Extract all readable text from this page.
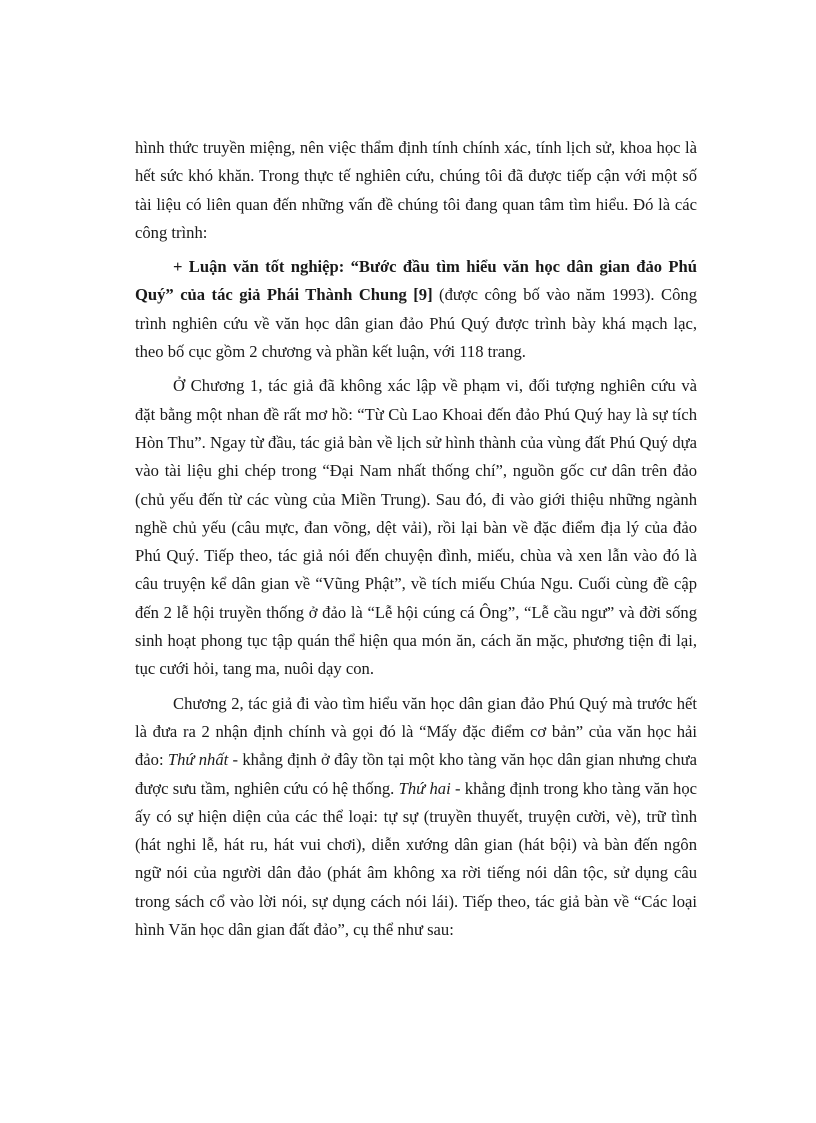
hình thức truyền miệng, nên việc thẩm định tính chính xác, tính lịch sử, khoa học là hết sức khó khăn. Trong thực tế nghiên cứu, chúng tôi đã được tiếp cận với một số tài liệu có liên quan đến những vấn đề chúng tôi đang quan tâm tìm hiểu. Đó là các công trình:

+ Luận văn tốt nghiệp: “Bước đầu tìm hiểu văn học dân gian đảo Phú Quý” của tác giả Phái Thành Chung [9] (được công bố vào năm 1993). Công trình nghiên cứu về văn học dân gian đảo Phú Quý được trình bày khá mạch lạc, theo bố cục gồm 2 chương và phần kết luận, với 118 trang.

Ở Chương 1, tác giả đã không xác lập về phạm vi, đối tượng nghiên cứu và đặt bằng một nhan đề rất mơ hồ: “Từ Cù Lao Khoai đến đảo Phú Quý hay là sự tích Hòn Thu”. Ngay từ đầu, tác giả bàn về lịch sử hình thành của vùng đất Phú Quý dựa vào tài liệu ghi chép trong “Đại Nam nhất thống chí”, nguồn gốc cư dân trên đảo (chủ yếu đến từ các vùng của Miền Trung). Sau đó, đi vào giới thiệu những ngành nghề chủ yếu (câu mực, đan võng, dệt vải), rồi lại bàn về đặc điểm địa lý của đảo Phú Quý. Tiếp theo, tác giả nói đến chuyện đình, miếu, chùa và xen lẫn vào đó là câu truyện kể dân gian về “Vũng Phật”, về tích miếu Chúa Ngu. Cuối cùng đề cập đến 2 lễ hội truyền thống ở đảo là “Lễ hội cúng cá Ông”, “Lễ cầu ngư” và đời sống sinh hoạt phong tục tập quán thể hiện qua món ăn, cách ăn mặc, phương tiện đi lại, tục cưới hỏi, tang ma, nuôi dạy con.

Chương 2, tác giả đi vào tìm hiểu văn học dân gian đảo Phú Quý mà trước hết là đưa ra 2 nhận định chính và gọi đó là “Mấy đặc điểm cơ bản” của văn học hải đảo: Thứ nhất - khẳng định ở đây tồn tại một kho tàng văn học dân gian nhưng chưa được sưu tầm, nghiên cứu có hệ thống. Thứ hai - khẳng định trong kho tàng văn học ấy có sự hiện diện của các thể loại: tự sự (truyền thuyết, truyện cười, vè), trữ tình (hát nghi lễ, hát ru, hát vui chơi), diễn xướng dân gian (hát bội) và bàn đến ngôn ngữ nói của người dân đảo (phát âm không xa rời tiếng nói dân tộc, sử dụng câu trong sách cổ vào lời nói, sự dụng cách nói lái). Tiếp theo, tác giả bàn về “Các loại hình Văn học dân gian đất đảo”, cụ thể như sau:
